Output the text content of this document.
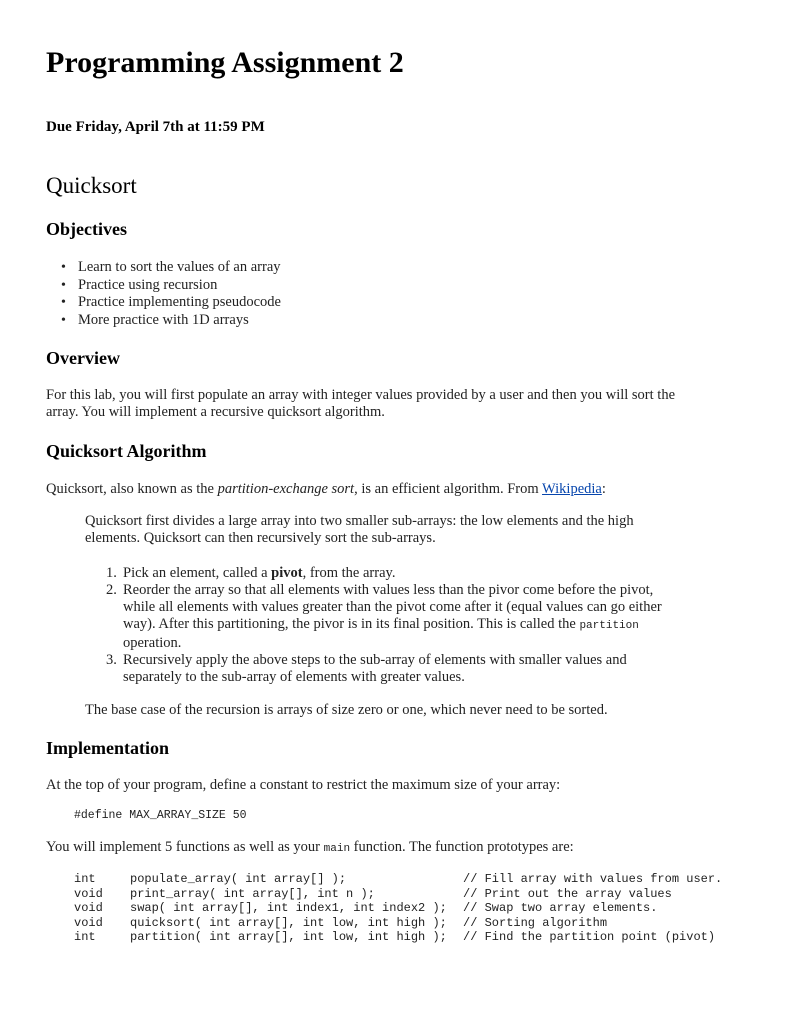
Programming Assignment 2
Due Friday, April 7th at 11:59 PM
Quicksort
Objectives
• Learn to sort the values of an array
• Practice using recursion
• Practice implementing pseudocode
• More practice with 1D arrays
Overview
For this lab, you will first populate an array with integer values provided by a user and then you will sort the
array. You will implement a recursive quicksort algorithm.
Quicksort Algorithm
Quicksort, also known as the partition-exchange sort, is an efficient algorithm. From Wikipedia:
Quicksort first divides a large array into two smaller sub-arrays: the low elements and the high
elements. Quicksort can then recursively sort the sub-arrays.
1. Pick an element, called a pivot, from the array.
2. Reorder the array so that all elements with values less than the pivor come before the pivot,
while all elements with values greater than the pivot come after it (equal values can go either
way). After this partitioning, the pivor is in its final position. This is called the partition
operation.
3. Recursively apply the above steps to the sub-array of elements with smaller values and
separately to the sub-array of elements with greater values.
The base case of the recursion is arrays of size zero or one, which never need to be sorted.
Implementation
At the top of your program, define a constant to restrict the maximum size of your array:
#define MAX_ARRAY_SIZE 50
You will implement 5 functions as well as your main function. The function prototypes are:
int	populate_array( int array[] );	// Fill array with values from user.
void print_array( int array[], int n );	// Print out the array values
void swap( int array[], int index1, int index2 ); // Swap two array elements.
void quicksort( int array[], int low, int high ); // Sorting algorithm
int	partition( int array[], int low, int high ); // Find the partition point (pivot)
